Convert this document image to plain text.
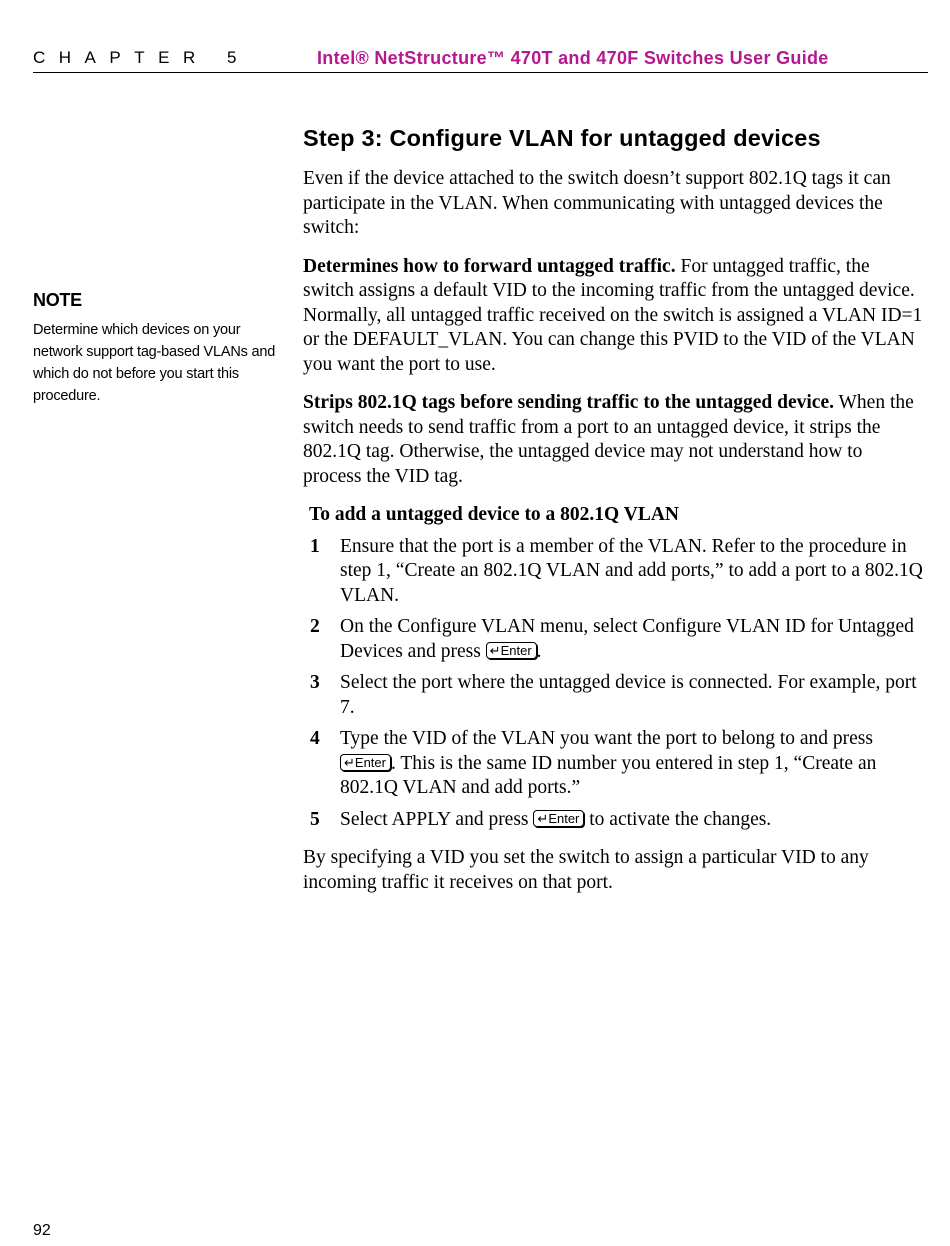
CHAPTER 5	Intel® NetStructure™ 470T and 470F Switches User Guide
NOTE
Determine which devices on your network support tag-based VLANs and which do not before you start this procedure.
Step 3: Configure VLAN for untagged devices

Even if the device attached to the switch doesn’t support 802.1Q tags it can participate in the VLAN. When communicating with untagged devices the switch:

Determines how to forward untagged traffic. For untagged traffic, the switch assigns a default VID to the incoming traffic from the untagged device. Normally, all untagged traffic received on the switch is assigned a VLAN ID=1 or the DEFAULT_VLAN. You can change this PVID to the VID of the VLAN you want the port to use.

Strips 802.1Q tags before sending traffic to the untagged device. When the switch needs to send traffic from a port to an untagged device, it strips the 802.1Q tag. Otherwise, the untagged device may not understand how to process the VID tag.

To add a untagged device to a 802.1Q VLAN
1 Ensure that the port is a member of the VLAN. Refer to the procedure in step 1, “Create an 802.1Q VLAN and add ports,” to add a port to a 802.1Q VLAN.
2 On the Configure VLAN menu, select Configure VLAN ID for Untagged Devices and press ↵Enter .
3 Select the port where the untagged device is connected. For example, port 7.
4 Type the VID of the VLAN you want the port to belong to and press ↵Enter . This is the same ID number you entered in step 1, “Create an 802.1Q VLAN and add ports.”
5 Select APPLY and press ↵Enter to activate the changes.

By specifying a VID you set the switch to assign a particular VID to any incoming traffic it receives on that port.

92
